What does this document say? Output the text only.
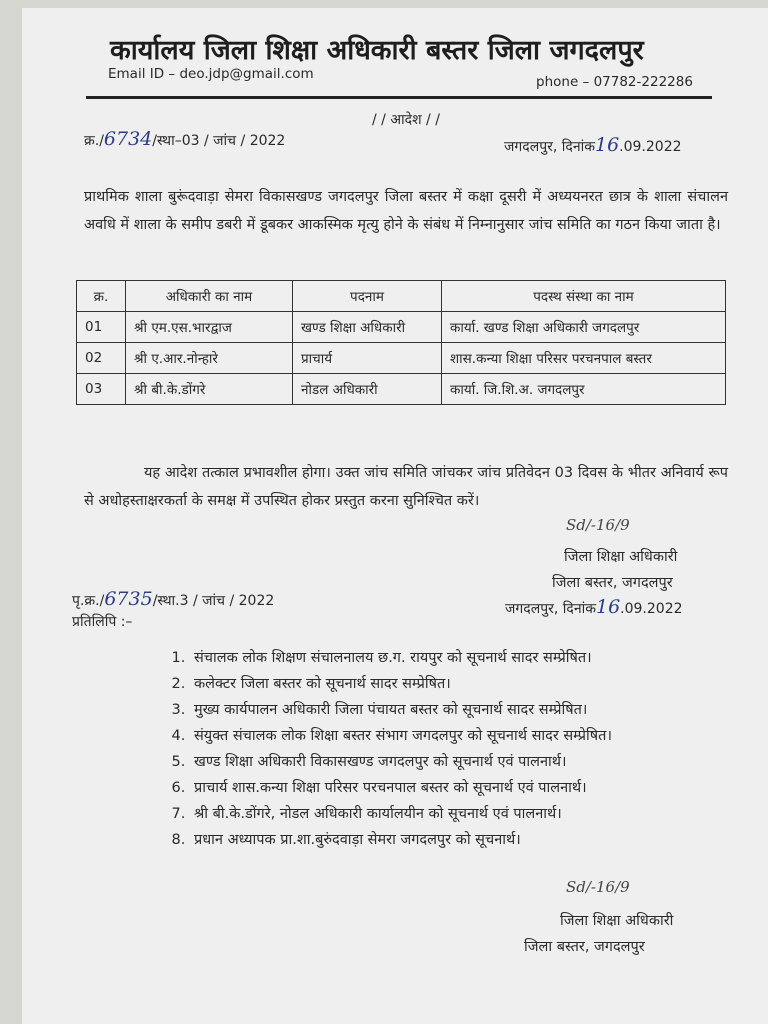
कार्यालय जिला शिक्षा अधिकारी बस्तर जिला जगदलपुर
Email ID – deo.jdp@gmail.com	phone – 07782-222286
/ / आदेश / /
क्र./6734/स्था–03 / जांच / 2022	जगदलपुर, दिनांक16.09.2022

प्राथमिक शाला बुरूंदवाड़ा सेमरा विकासखण्ड जगदलपुर जिला बस्तर में कक्षा दूसरी में अध्ययनरत छात्र के शाला संचालन अवधि में शाला के समीप डबरी में डूबकर आकस्मिक मृत्यु होने के संबंध में निम्नानुसार जांच समिति का गठन किया जाता है।

क्र.	अधिकारी का नाम	पदनाम	पदस्थ संस्था का नाम
01	श्री एम.एस.भारद्वाज	खण्ड शिक्षा अधिकारी	कार्या. खण्ड शिक्षा अधिकारी जगदलपुर
02	श्री ए.आर.नोन्हारे	प्राचार्य	शास.कन्या शिक्षा परिसर परचनपाल बस्तर
03	श्री बी.के.डोंगरे	नोडल अधिकारी	कार्या. जि.शि.अ. जगदलपुर

यह आदेश तत्काल प्रभावशील होगा। उक्त जांच समिति जांचकर जांच प्रतिवेदन 03 दिवस के भीतर अनिवार्य रूप से अधोहस्ताक्षरकर्ता के समक्ष में उपस्थित होकर प्रस्तुत करना सुनिश्चित करें।

Sd/-16/9
जिला शिक्षा अधिकारी
जिला बस्तर, जगदलपुर
पृ.क्र./6735/स्था.3 / जांच / 2022	जगदलपुर, दिनांक16.09.2022
प्रतिलिपि :–
1. संचालक लोक शिक्षण संचालनालय छ.ग. रायपुर को सूचनार्थ सादर सम्प्रेषित।
2. कलेक्टर जिला बस्तर को सूचनार्थ सादर सम्प्रेषित।
3. मुख्य कार्यपालन अधिकारी जिला पंचायत बस्तर को सूचनार्थ सादर सम्प्रेषित।
4. संयुक्त संचालक लोक शिक्षा बस्तर संभाग जगदलपुर को सूचनार्थ सादर सम्प्रेषित।
5. खण्ड शिक्षा अधिकारी विकासखण्ड जगदलपुर को सूचनार्थ एवं पालनार्थ।
6. प्राचार्य शास.कन्या शिक्षा परिसर परचनपाल बस्तर को सूचनार्थ एवं पालनार्थ।
7. श्री बी.के.डोंगरे, नोडल अधिकारी कार्यालयीन को सूचनार्थ एवं पालनार्थ।
8. प्रधान अध्यापक प्रा.शा.बुरुंदवाड़ा सेमरा जगदलपुर को सूचनार्थ।
Sd/-16/9
जिला शिक्षा अधिकारी
जिला बस्तर, जगदलपुर
